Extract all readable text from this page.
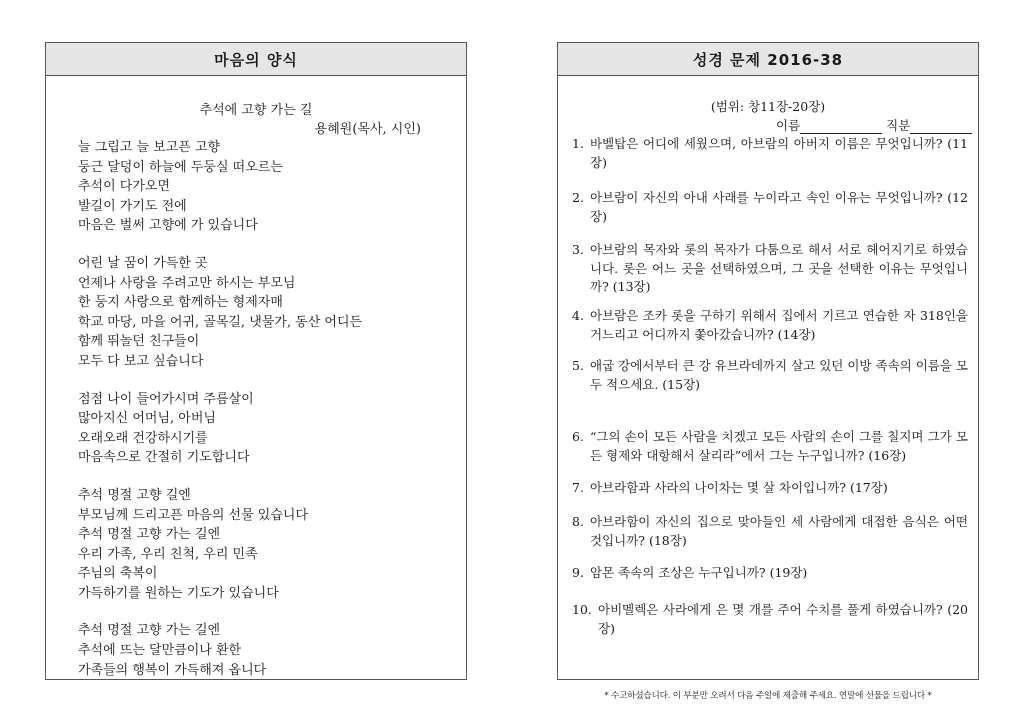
마음의 양식
추석에 고향 가는 길
용혜원(목사, 시인)
늘 그립고 늘 보고픈 고향
둥근 달덩이 하늘에 두둥실 떠오르는
추석이 다가오면
발길이 가기도 전에
마음은 벌써 고향에 가 있습니다
어린 날 꿈이 가득한 곳
언제나 사랑을 주려고만 하시는 부모님
한 둥지 사랑으로 함께하는 형제자매
학교 마당, 마을 어귀, 골목길, 냇물가, 동산 어디든
함께 뛰놀던 친구들이
모두 다 보고 싶습니다
점점 나이 들어가시며 주름살이
많아지신 어머님, 아버님
오래오래 건강하시기를
마음속으로 간절히 기도합니다
추석 명절 고향 길엔
부모님께 드리고픈 마음의 선물 있습니다
추석 명절 고향 가는 길엔
우리 가족, 우리 친척, 우리 민족
주님의 축복이
가득하기를 원하는 기도가 있습니다
추석 명절 고향 가는 길엔
추석에 뜨는 달만큼이나 환한
가족들의 행복이 가득해져 옵니다
성경 문제 2016-38
(범위: 창11장-20장)
이름	직분
1. 바벨탑은 어디에 세웠으며, 아브람의 아버지 이름은 무엇입니까? (11장)
2. 아브람이 자신의 아내 사래를 누이라고 속인 이유는 무엇입니까? (12장)
3. 아브람의 목자와 롯의 목자가 다툼으로 해서 서로 헤어지기로 하였습니다. 롯은 어느 곳을 선택하였으며, 그 곳을 선택한 이유는 무엇입니까? (13장)
4. 아브람은 조카 롯을 구하기 위해서 집에서 기르고 연습한 자 318인을 거느리고 어디까지 쫓아갔습니까? (14장)
5. 애굽 강에서부터 큰 강 유브라데까지 살고 있던 이방 족속의 이름을 모두 적으세요. (15장)
6. “그의 손이 모든 사람을 치겠고 모든 사람의 손이 그를 칠지며 그가 모든 형제와 대항해서 살리라”에서 그는 누구입니까? (16장)
7. 아브라함과 사라의 나이차는 몇 살 차이입니까? (17장)
8. 아브라함이 자신의 집으로 맞아들인 세 사람에게 대접한 음식은 어떤 것입니까? (18장)
9. 암몬 족속의 조상은 누구입니까? (19장)
10. 아비멜렉은 사라에게 은 몇 개를 주어 수치를 풀게 하였습니까? (20장)
* 수고하셨습니다. 이 부분만 오려서 다음 주일에 제출해 주세요. 연말에 선물을 드립니다 *
